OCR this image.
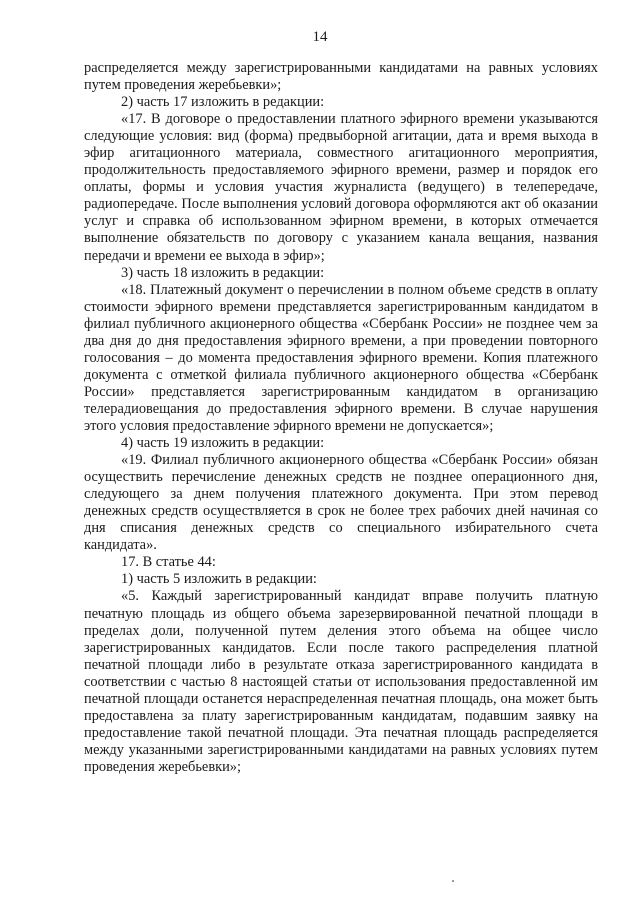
14

распределяется между зарегистрированными кандидатами на равных условиях путем проведения жеребьевки»;

2) часть 17 изложить в редакции:

«17. В договоре о предоставлении платного эфирного времени указываются следующие условия: вид (форма) предвыборной агитации, дата и время выхода в эфир агитационного материала, совместного агитационного мероприятия, продолжительность предоставляемого эфирного времени, размер и порядок его оплаты, формы и условия участия журналиста (ведущего) в телепередаче, радиопередаче. После выполнения условий договора оформляются акт об оказании услуг и справка об использованном эфирном времени, в которых отмечается выполнение обязательств по договору с указанием канала вещания, названия передачи и времени ее выхода в эфир»;

3) часть 18 изложить в редакции:

«18. Платежный документ о перечислении в полном объеме средств в оплату стоимости эфирного времени представляется зарегистрированным кандидатом в филиал публичного акционерного общества «Сбербанк России» не позднее чем за два дня до дня предоставления эфирного времени, а при проведении повторного голосования – до момента предоставления эфирного времени. Копия платежного документа с отметкой филиала публичного акционерного общества «Сбербанк России» представляется зарегистрированным кандидатом в организацию телерадиовещания до предоставления эфирного времени. В случае нарушения этого условия предоставление эфирного времени не допускается»;

4) часть 19 изложить в редакции:

«19. Филиал публичного акционерного общества «Сбербанк России» обязан осуществить перечисление денежных средств не позднее операционного дня, следующего за днем получения платежного документа. При этом перевод денежных средств осуществляется в срок не более трех рабочих дней начиная со дня списания денежных средств со специального избирательного счета кандидата».

17. В статье 44:

1) часть 5 изложить в редакции:

«5. Каждый зарегистрированный кандидат вправе получить платную печатную площадь из общего объема зарезервированной печатной площади в пределах доли, полученной путем деления этого объема на общее число зарегистрированных кандидатов. Если после такого распределения платной печатной площади либо в результате отказа зарегистрированного кандидата в соответствии с частью 8 настоящей статьи от использования предоставленной им печатной площади останется нераспределенная печатная площадь, она может быть предоставлена за плату зарегистрированным кандидатам, подавшим заявку на предоставление такой печатной площади. Эта печатная площадь распределяется между указанными зарегистрированными кандидатами на равных условиях путем проведения жеребьевки»;
